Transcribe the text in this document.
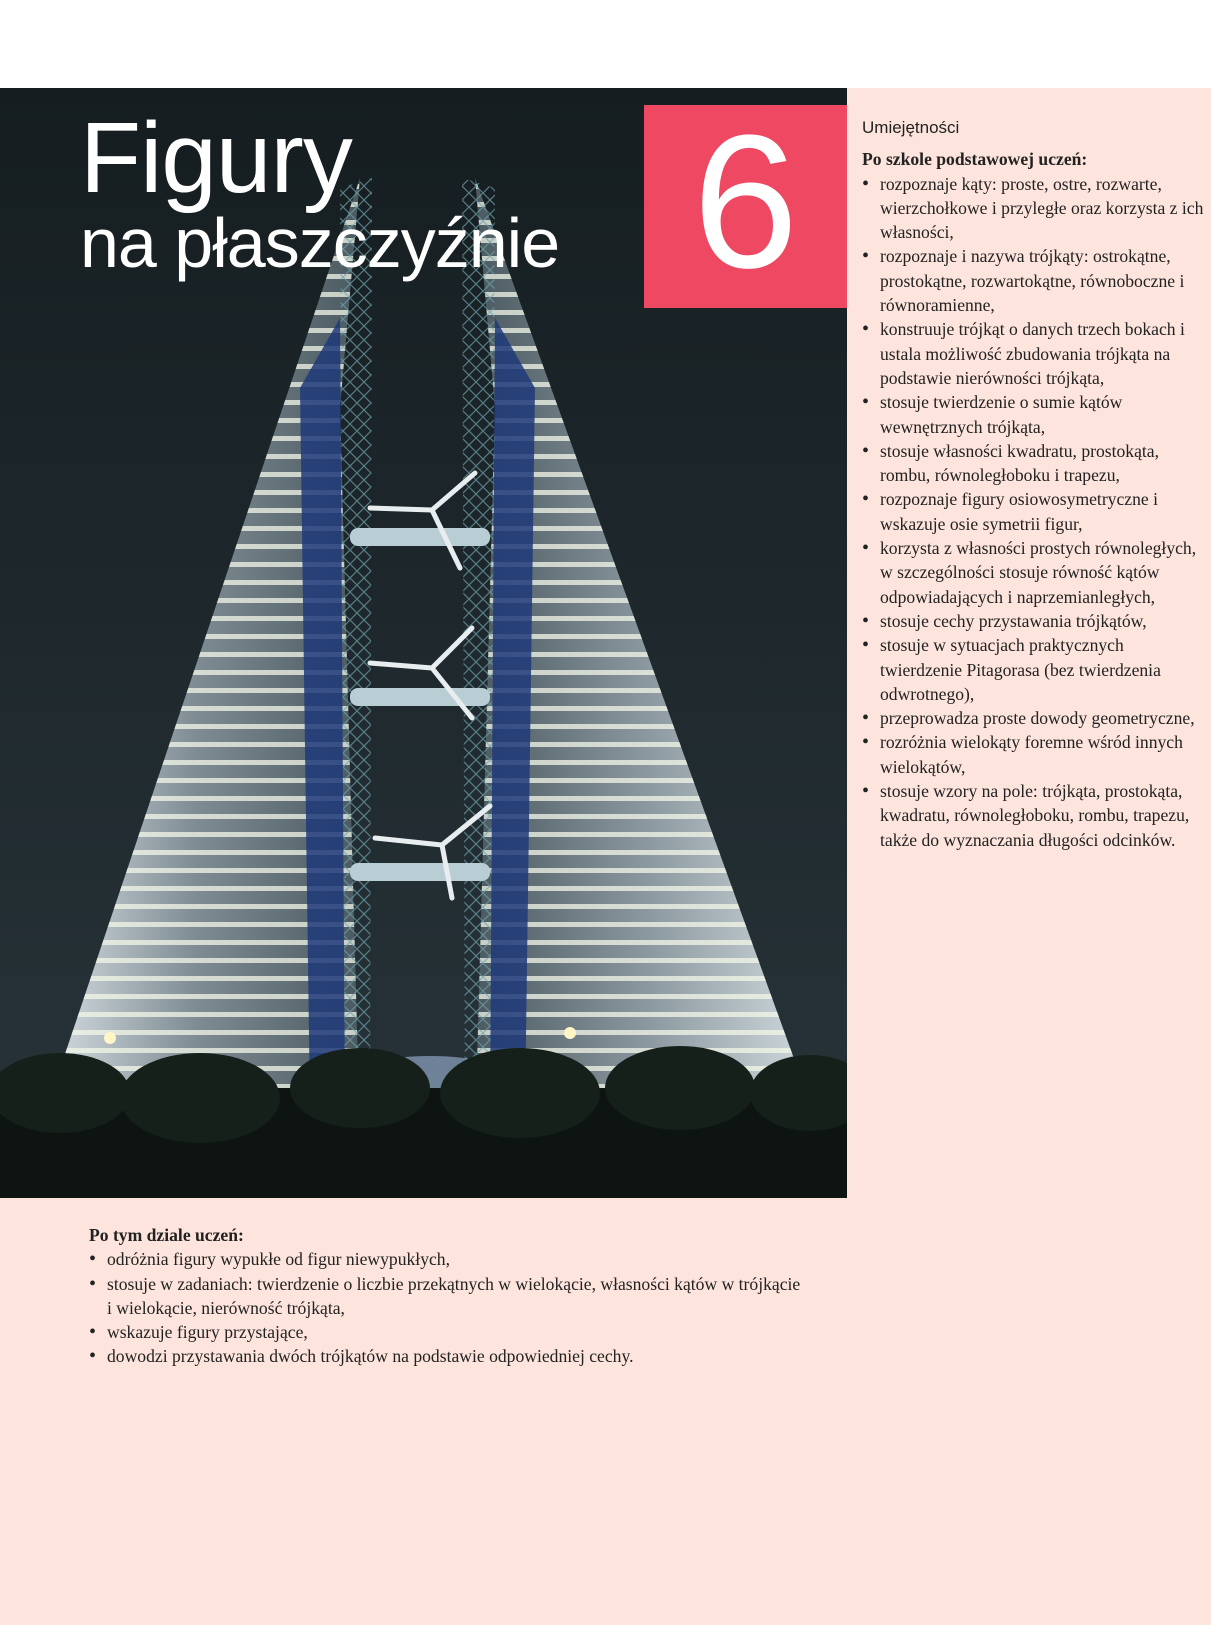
Figury
na płaszczyźnie 6	Umiejętności

Po szkole podstawowej uczeń:

• rozpoznaje kąty: proste, ostre, rozwarte, wierzchołkowe i przyległe oraz korzysta z ich własności,
• rozpoznaje i nazywa trójkąty: ostrokątne, prostokątne, rozwartokątne, równoboczne i równoramienne,
• konstruuje trójkąt o danych trzech bokach i ustala możliwość zbudowania trójkąta na podstawie nierówności trójkąta,
• stosuje twierdzenie o sumie kątów wewnętrznych trójkąta,
• stosuje własności kwadratu, prostokąta, rombu, równoległoboku i trapezu,
• rozpoznaje figury osiowosymetryczne i wskazuje osie symetrii figur,
• korzysta z własności prostych równoległych, w szczególności stosuje równość kątów odpowiadających i naprzemianległych,
• stosuje cechy przystawania trójkątów,
• stosuje w sytuacjach praktycznych twierdzenie Pitagorasa (bez twierdzenia odwrotnego),
• przeprowadza proste dowody geometryczne,
• rozróżnia wielokąty foremne wśród innych wielokątów,
• stosuje wzory na pole: trójkąta, prostokąta, kwadratu, równoległoboku, rombu, trapezu, także do wyznaczania długości odcinków.

Po tym dziale uczeń:

• odróżnia figury wypukłe od figur niewypukłych,
• stosuje w zadaniach: twierdzenie o liczbie przekątnych w wielokącie, własności kątów w trójkącie i wielokącie, nierówność trójkąta,
• wskazuje figury przystające,
• dowodzi przystawania dwóch trójkątów na podstawie odpowiedniej cechy.
